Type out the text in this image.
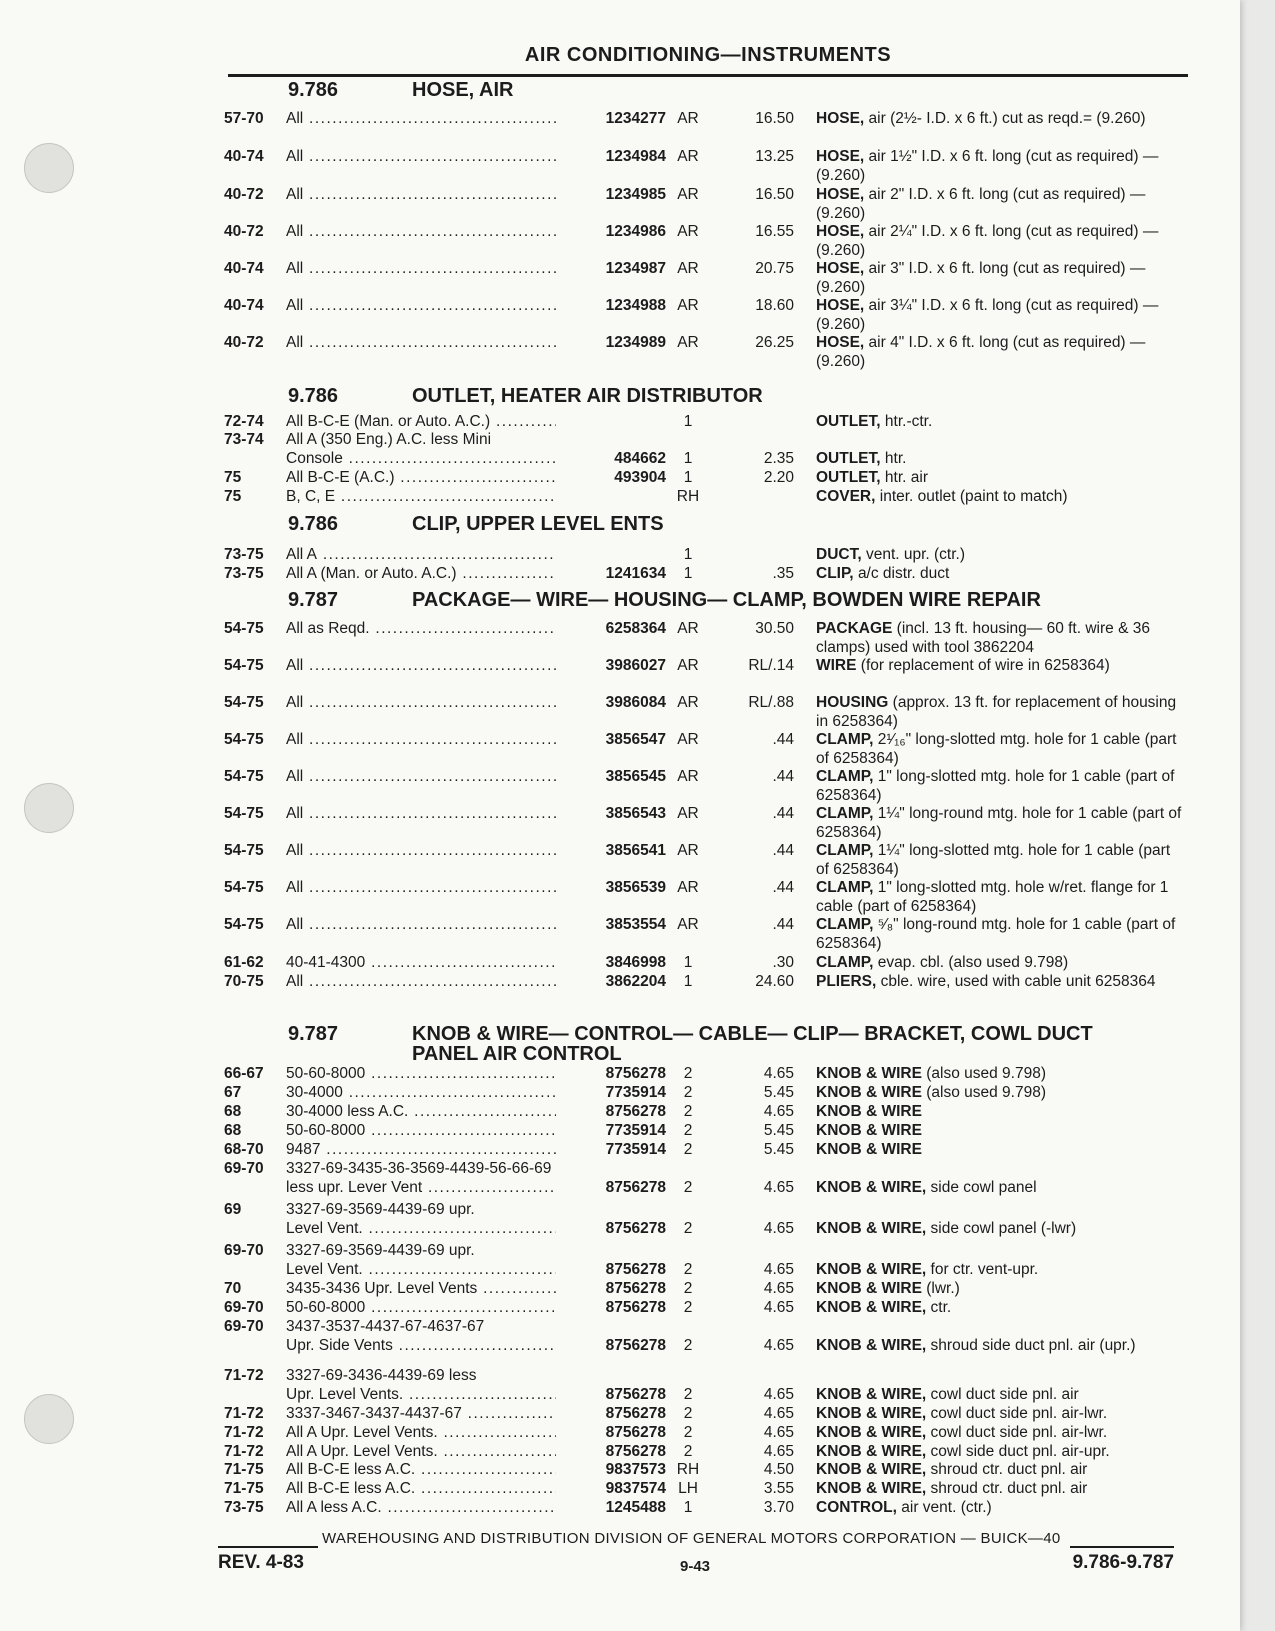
AIR CONDITIONING—INSTRUMENTS
9.786	HOSE, AIR
57-70	All .....	1234277 AR	16.50 HOSE, air (2½- I.D. x 6 ft.) cut as reqd.= (9.260)
40-74	All .....	1234984 AR	13.25 HOSE, air 1½" I.D. x 6 ft. long (cut as required) — (9.260)
40-72	All .....	1234985 AR	16.50 HOSE, air 2" I.D. x 6 ft. long (cut as required) — (9.260)
40-72	All .....	1234986 AR	16.55 HOSE, air 2¼" I.D. x 6 ft. long (cut as required) — (9.260)
40-74	All .....	1234987 AR	20.75 HOSE, air 3" I.D. x 6 ft. long (cut as required) — (9.260)
40-74	All .....	1234988 AR	18.60 HOSE, air 3¼" I.D. x 6 ft. long (cut as required) — (9.260)
40-72	All .....	1234989 AR	26.25 HOSE, air 4" I.D. x 6 ft. long (cut as required) — (9.260)
9.786	OUTLET, HEATER AIR DISTRIBUTOR
72-74	All B-C-E (Man. or Auto. A.C.) .....	1	OUTLET, htr.-ctr.
73-74	All A (350 Eng.) A.C. less Mini
Console .....	484662	1	2.35 OUTLET, htr.
75	All B-C-E (A.C.) .....	493904	1	2.20 OUTLET, htr. air
75	B, C, E .....	RH	COVER, inter. outlet (paint to match)
9.786	CLIP, UPPER LEVEL ENTS
73-75	All A .....	1	DUCT, vent. upr. (ctr.)
73-75	All A (Man. or Auto. A.C.) .....	1241634	1	.35 CLIP, a/c distr. duct
9.787	PACKAGE— WIRE— HOUSING— CLAMP, BOWDEN WIRE REPAIR
54-75	All as Reqd. .....	6258364 AR	30.50 PACKAGE (incl. 13 ft. housing— 60 ft. wire & 36 clamps) used with tool 3862204
54-75	All .....	3986027 AR	RL/.14 WIRE (for replacement of wire in 6258364)
54-75	All .....	3986084 AR	RL/.88 HOUSING (approx. 13 ft. for replacement of housing in 6258364)
54-75	All .....	3856547 AR	.44 CLAMP, 2¹⁄₁₆" long-slotted mtg. hole for 1 cable (part of 6258364)
54-75	All .....	3856545 AR	.44 CLAMP, 1" long-slotted mtg. hole for 1 cable (part of 6258364)
54-75	All .....	3856543 AR	.44 CLAMP, 1¼" long-round mtg. hole for 1 cable (part of 6258364)
54-75	All .....	3856541 AR	.44 CLAMP, 1¼" long-slotted mtg. hole for 1 cable (part of 6258364)
54-75	All .....	3856539 AR	.44 CLAMP, 1" long-slotted mtg. hole w/ret. flange for 1 cable (part of 6258364)
54-75	All .....	3853554 AR	.44 CLAMP, ⁵⁄₈" long-round mtg. hole for 1 cable (part of 6258364)
61-62	40-41-4300 .....	3846998	1	.30 CLAMP, evap. cbl. (also used 9.798)
70-75	All .....	3862204	1	24.60 PLIERS, cble. wire, used with cable unit 6258364
9.787	KNOB & WIRE— CONTROL— CABLE— CLIP— BRACKET, COWL DUCT
PANEL AIR CONTROL
66-67	50-60-8000 .....	8756278	2	4.65 KNOB & WIRE (also used 9.798)
67	30-4000 .....	7735914	2	5.45 KNOB & WIRE (also used 9.798)
68	30-4000 less A.C. .....	8756278	2	4.65 KNOB & WIRE
68	50-60-8000 .....	7735914	2	5.45 KNOB & WIRE
68-70	9487 .....	7735914	2	5.45 KNOB & WIRE
69-70	3327-69-3435-36-3569-4439-56-66-69
less upr. Lever Vent .....	8756278	2	4.65 KNOB & WIRE, side cowl panel
69	3327-69-3569-4439-69 upr.
Level Vent. .....	8756278	2	4.65 KNOB & WIRE, side cowl panel (-lwr)
69-70	3327-69-3569-4439-69 upr.
Level Vent. .....	8756278	2	4.65 KNOB & WIRE, for ctr. vent-upr.
70	3435-3436 Upr. Level Vents .....	8756278	2	4.65 KNOB & WIRE (lwr.)
69-70	50-60-8000 .....	8756278	2	4.65 KNOB & WIRE, ctr.
69-70	3437-3537-4437-67-4637-67
Upr. Side Vents .....	8756278	2	4.65 KNOB & WIRE, shroud side duct pnl. air (upr.)
71-72	3327-69-3436-4439-69 less
Upr. Level Vents. .....	8756278	2	4.65 KNOB & WIRE, cowl duct side pnl. air
71-72	3337-3467-3437-4437-67 .....	8756278	2	4.65 KNOB & WIRE, cowl duct side pnl. air-lwr.
71-72	All A Upr. Level Vents. .....	8756278	2	4.65 KNOB & WIRE, cowl duct side pnl. air-lwr.
71-72	All A Upr. Level Vents. .....	8756278	2	4.65 KNOB & WIRE, cowl side duct pnl. air-upr.
71-75	All B-C-E less A.C. .....	9837573 RH	4.50 KNOB & WIRE, shroud ctr. duct pnl. air
71-75	All B-C-E less A.C. .....	9837574 LH	3.55 KNOB & WIRE, shroud ctr. duct pnl. air
73-75	All A less A.C. .....	1245488	1	3.70 CONTROL, air vent. (ctr.)
WAREHOUSING AND DISTRIBUTION DIVISION OF GENERAL MOTORS CORPORATION — BUICK—40
REV. 4-83	9-43	9.786-9.787
